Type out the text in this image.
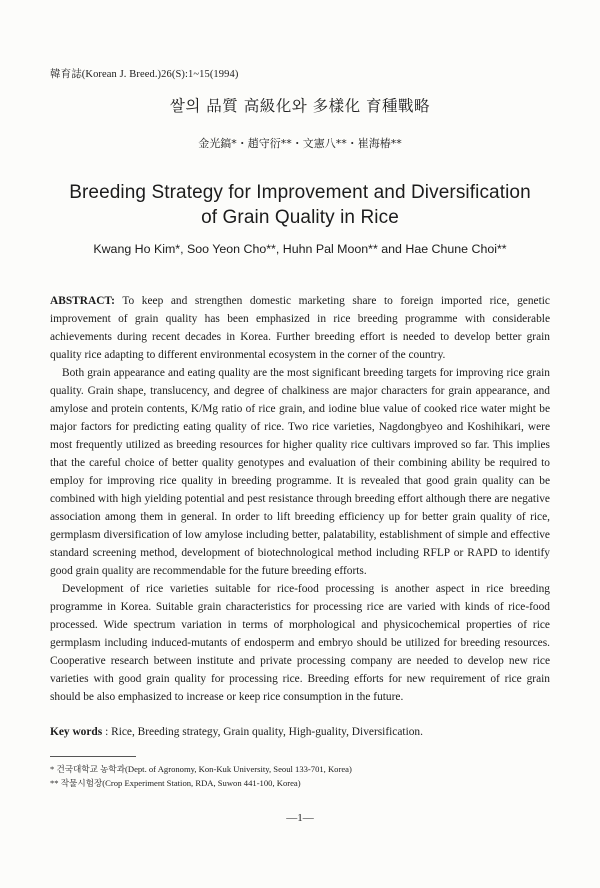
韓育誌(Korean J. Breed.)26(S):1~15(1994)
쌀의 品質 高級化와 多樣化 育種戰略
金光鎬*・趙守衍**・文憲八**・崔海椿**
Breeding Strategy for Improvement and Diversification
of Grain Quality in Rice
Kwang Ho Kim*, Soo Yeon Cho**, Huhn Pal Moon** and Hae Chune Choi**

ABSTRACT: To keep and strengthen domestic marketing share to foreign imported rice, genetic improvement of grain quality has been emphasized in rice breeding programme with considerable achievements during recent decades in Korea. Further breeding effort is needed to develop better grain quality rice adapting to different environmental ecosystem in the corner of the country.

Both grain appearance and eating quality are the most significant breeding targets for improving rice grain quality. Grain shape, translucency, and degree of chalkiness are major characters for grain appearance, and amylose and protein contents, K/Mg ratio of rice grain, and iodine blue value of cooked rice water might be major factors for predicting eating quality of rice. Two rice varieties, Nagdongbyeo and Koshihikari, were most frequently utilized as breeding resources for higher quality rice cultivars improved so far. This implies that the careful choice of better quality genotypes and evaluation of their combining ability be required to employ for improving rice quality in breeding programme. It is revealed that good grain quality can be combined with high yielding potential and pest resistance through breeding effort although there are negative association among them in general. In order to lift breeding efficiency up for better grain quality of rice, germplasm diversification of low amylose including better, palatability, establishment of simple and effective standard screening method, development of biotechnological method including RFLP or RAPD to identify good grain quality are recommendable for the future breeding efforts.

Development of rice varieties suitable for rice-food processing is another aspect in rice breeding programme in Korea. Suitable grain characteristics for processing rice are varied with kinds of rice-food processed. Wide spectrum variation in terms of morphological and physicochemical properties of rice germplasm including induced-mutants of endosperm and embryo should be utilized for breeding resources. Cooperative research between institute and private processing company are needed to develop new rice varieties with good grain quality for processing rice. Breeding efforts for new requirement of rice grain should be also emphasized to increase or keep rice consumption in the future.

Key words : Rice, Breeding strategy, Grain quality, High-guality, Diversification.
* 건국대학교 농학과(Dept. of Agronomy, Kon-Kuk University, Seoul 133-701, Korea)
** 작물시험장(Crop Experiment Station, RDA, Suwon 441-100, Korea)
—1—
